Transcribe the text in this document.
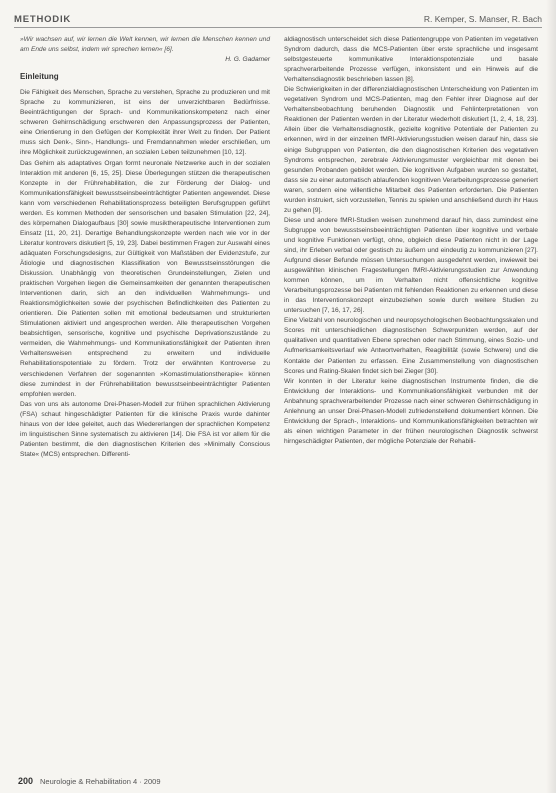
METHODIK	R. Kemper, S. Manser, R. Bach

»Wir wachsen auf, wir lernen die Welt kennen, wir lernen die Menschen kennen und am Ende uns selbst, indem wir sprechen lernen« [6].

H. G. Gadamer

Einleitung

Die Fähigkeit des Menschen, Sprache zu verstehen, Sprache zu produzieren und mit Sprache zu kommunizieren, ist eins der unverzichtbaren Bedürfnisse. Beeinträchtigungen der Sprach- und Kommunikationskompetenz nach einer schweren Gehirnschädigung erschweren den Anpassungsprozess der Patienten, eine Orientierung in den Gefügen der Komplexität ihrer Welt zu finden. Der Patient muss sich Denk-, Sinn-, Handlungs- und Fremdannahmen wieder erschließen, um ihre Möglichkeit zurückzugewinnen, an sozialen Leben teilzunehmen [10, 12].

Das Gehirn als adaptatives Organ formt neuronale Netzwerke auch in der sozialen Interaktion mit anderen [6, 15, 25]. Diese Überlegungen stützen die therapeutischen Konzepte in der Frührehabilitation, die zur Förderung der Dialog- und Kommunikationsfähigkeit bewusstseinsbeeinträchtigter Patienten angewendet. Diese kann vom verschiedenen Rehabilitationsprozess beteiligten Berufsgruppen geführt werden. Es kommen Methoden der sensorischen und basalen Stimulation [22, 24], des körpernahen Dialogaufbaus [30] sowie musiktherapeutische Interventionen zum Einsatz [11, 20, 21]. Derartige Behandlungskonzepte werden nach wie vor in der Literatur kontrovers diskutiert [5, 19, 23]. Dabei bestimmen Fragen zur Auswahl eines adäquaten Forschungsdesigns, zur Gültigkeit von Maßstäben der Evidenzstufe, zur Ätiologie und diagnostischen Klassifikation von Bewusstseinsstörungen die Diskussion. Unabhängig von theoretischen Grundeinstellungen, Zielen und praktischen Vorgehen liegen die Gemeinsamkeiten der genannten therapeutischen Interventionen darin, sich an den individuellen Wahrnehmungs- und Reaktionsmöglichkeiten sowie der psychischen Befindlichkeiten des Patienten zu orientieren. Die Patienten sollen mit emotional bedeutsamen und strukturierten Stimulationen aktiviert und angesprochen werden. Alle therapeutischen Vorgehen beabsichtigen, sensorische, kognitive und psychische Deprivationszustände zu vermeiden, die Wahrnehmungs- und Kommunikationsfähigkeit der Patienten ihren Verhaltensweisen entsprechend zu erweitern und individuelle Rehabilitationspotentiale zu fördern. Trotz der erwähnten Kontroverse zu verschiedenen Verfahren der sogenannten »Komastimulationstherapie« können diese zumindest in der Frührehabilitation bewusstseinbeeinträchtigter Patienten empfohlen werden.

Das von uns als autonome Drei-Phasen-Modell zur frühen sprachlichen Aktivierung (FSA) schaut hingeschädigter Patienten für die klinische Praxis wurde dahinter hinaus von der Idee geleitet, auch das Wiedererlangen der sprachlichen Kompetenz im linguistischen Sinne systematisch zu aktivieren [14]. Die FSA ist vor allem für die Patienten bestimmt, die den diagnostischen Kriterien des »Minimally Conscious State« (MCS) entsprechen. Differenti-

aldiagnostisch unterscheidet sich diese Patientengruppe von Patienten im vegetativen Syndrom dadurch, dass die MCS-Patienten über erste sprachliche und insgesamt selbstgesteuerte kommunikative Interaktionspotenziale und basale sprachverarbeitende Prozesse verfügen, inkonsistent und ein Hinweis auf die Verhaltensdiagnostik beschrieben lassen [8].

Die Schwierigkeiten in der differenzialdiagnostischen Unterscheidung von Patienten im vegetativen Syndrom und MCS-Patienten, mag den Fehler ihrer Diagnose auf der Verhaltensbeobachtung beruhenden Diagnostik und Fehlinterpretationen von Reaktionen der Patienten werden in der Literatur wiederholt diskutiert [1, 2, 4, 18, 23]. Allein über die Verhaltensdiagnostik, gezielte kognitive Potentiale der Patienten zu erkennen, wird in der einzelnen fMRI-Aktivierungsstudien weisen darauf hin, dass sie einige Subgruppen von Patienten, die den diagnostischen Kriterien des vegetativen Syndroms entsprechen, zerebrale Aktivierungsmuster vergleichbar mit denen bei gesunden Probanden gebildet werden. Die kognitiven Aufgaben wurden so gestaltet, dass sie zu einer automatisch ablaufenden kognitiven Verarbeitungsprozesse generiert waren, sondern eine willentliche Mitarbeit des Patienten erforderten. Die Patienten wurden instruiert, sich vorzustellen, Tennis zu spielen und anschließend durch ihr Haus zu gehen [9].

Diese und andere fMRI-Studien weisen zunehmend darauf hin, dass zumindest eine Subgruppe von bewusstseinsbeeinträchtigten Patienten über kognitive und verbale und kognitive Funktionen verfügt, ohne, obgleich diese Patienten nicht in der Lage sind, ihr Erleben verbal oder gestisch zu äußern und eindeutig zu kommunizieren [27]. Aufgrund dieser Befunde müssen Untersuchungen ausgedehnt werden, inwieweit bei ausgewählten klinischen Fragestellungen fMRI-Aktivierungsstudien zur Anwendung kommen können, um im Verhalten nicht offensichtliche kognitive Verarbeitungsprozesse bei Patienten mit fehlenden Reaktionen zu erkennen und diese in das Interventionskonzept einzubeziehen sowie durch weitere Studien zu untersuchen [7, 16, 17, 26].

Eine Vielzahl von neurologischen und neuropsychologischen Beobachtungsskalen und Scores mit unterschiedlichen diagnostischen Schwerpunkten werden, auf der qualitativen und quantitativen Ebene sprechen oder nach Stimmung, eines Sozio- und Aufmerksamkeitsverlauf wie Antwortverhalten, Reagibilität (sowie Schwere) und die Kontakte der Patienten zu erfassen. Eine Zusammenstellung von diagnostischen Scores und Rating-Skalen findet sich bei Zieger [30].

Wir konnten in der Literatur keine diagnostischen Instrumente finden, die die Entwicklung der Interaktions- und Kommunikationsfähigkeit verbunden mit der Anbahnung sprachverarbeitender Prozesse nach einer schweren Gehirnschädigung in Anlehnung an unser Drei-Phasen-Modell zufriedenstellend dokumentiert können. Die Entwicklung der Sprach-, Interaktions- und Kommunikationsfähigkeiten betrachten wir als einen wichtigen Parameter in der frühen neurologischen Diagnostik schwerst hirngeschädigter Patienten, der mögliche Potenziale der Rehabili-

200 Neurologie & Rehabilitation 4 · 2009
